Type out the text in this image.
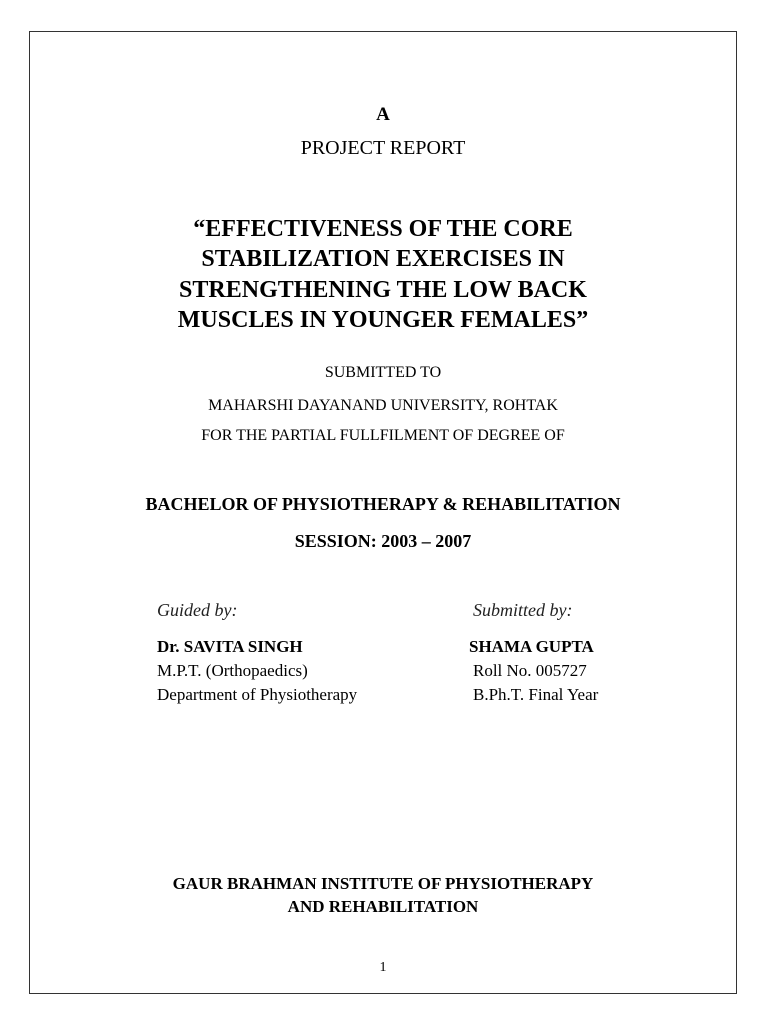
A
PROJECT REPORT
“EFFECTIVENESS OF THE CORE
STABILIZATION EXERCISES IN
STRENGTHENING THE LOW BACK
MUSCLES IN YOUNGER FEMALES”
SUBMITTED TO
MAHARSHI DAYANAND UNIVERSITY, ROHTAK
FOR THE PARTIAL FULLFILMENT OF DEGREE OF
BACHELOR OF PHYSIOTHERAPY & REHABILITATION
SESSION: 2003 – 2007
Guided by:
Dr. SAVITA SINGH
M.P.T. (Orthopaedics)
Department of Physiotherapy
Submitted by:
SHAMA GUPTA
Roll No. 005727
B.Ph.T. Final Year
GAUR BRAHMAN INSTITUTE OF PHYSIOTHERAPY
AND REHABILITATION
1
